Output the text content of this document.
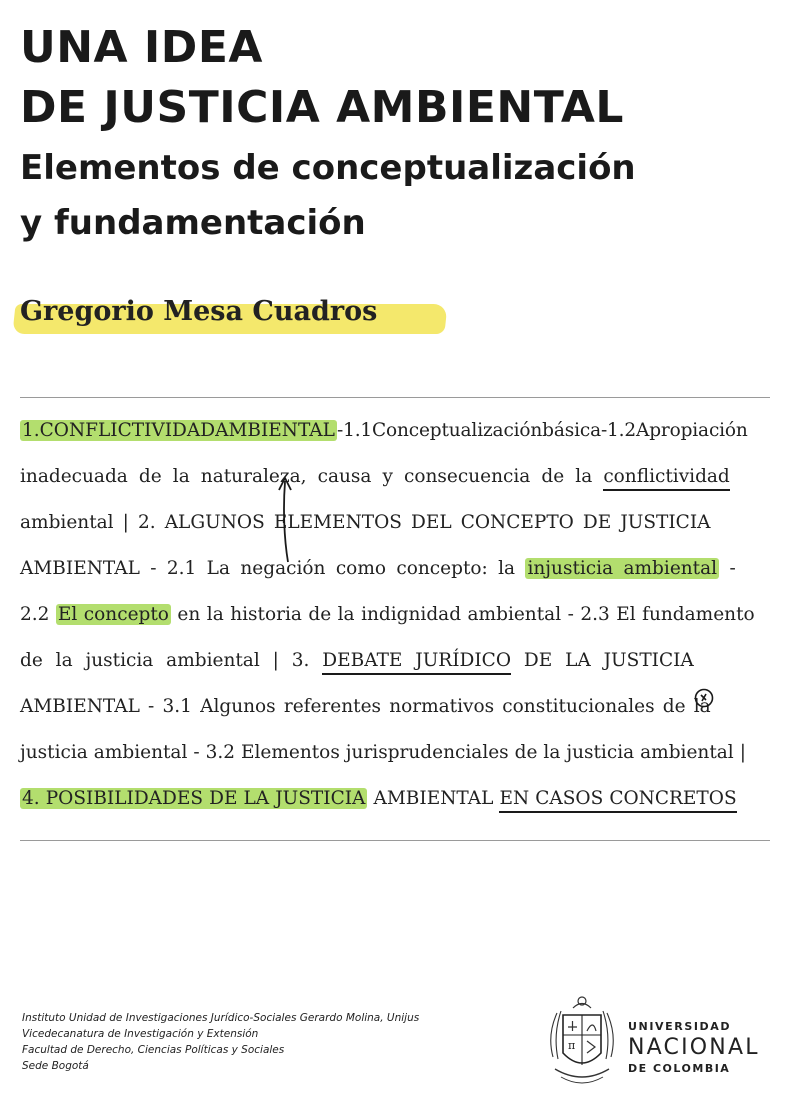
UNA IDEA
DE JUSTICIA AMBIENTAL
Elementos de conceptualización
y fundamentación
Gregorio Mesa Cuadros
1.CONFLICTIVIDADAMBIENTAL -1.1Conceptualizaciónbásica-1.2Apropiación
inadecuada de la naturaleza, causa y consecuencia de la conflictividad
ambiental | 2. ALGUNOS ELEMENTOS DEL CONCEPTO DE JUSTICIA
AMBIENTAL - 2.1 La negación como concepto: la injusticia ambiental -
2.2 El concepto en la historia de la indignidad ambiental - 2.3 El fundamento
de la justicia ambiental | 3. DEBATE JURÍDICO DE LA JUSTICIA
AMBIENTAL - 3.1 Algunos referentes normativos constitucionales de la
justicia ambiental - 3.2 Elementos jurisprudenciales de la justicia ambiental |
4. POSIBILIDADES DE LA JUSTICIA AMBIENTAL EN CASOS CONCRETOS
Instituto Unidad de Investigaciones Jurídico-Sociales Gerardo Molina, Unijus
Vicedecanatura de Investigación y Extensión
Facultad de Derecho, Ciencias Políticas y Sociales
Sede Bogotá
π
UNIVERSIDAD
NACIONAL
DE COLOMBIA
